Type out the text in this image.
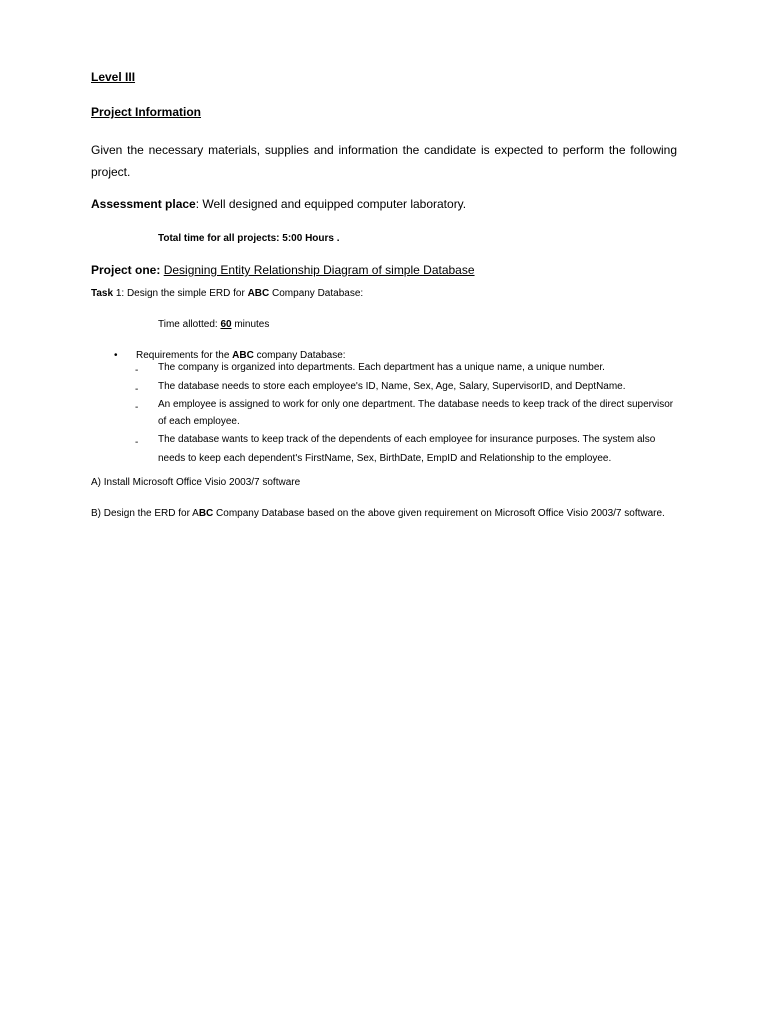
Level III
Project Information
Given the necessary materials, supplies and information the candidate is expected to perform the following project.
Assessment place: Well designed and equipped computer laboratory.
Total time for all projects: 5:00 Hours .
Project one: Designing Entity Relationship Diagram of simple Database
Task 1: Design the simple ERD for ABC Company Database:
Time allotted: 60 minutes
• Requirements for the ABC company Database:
- The company is organized into departments. Each department has a unique name, a unique number.
- The database needs to store each employee's ID, Name, Sex, Age, Salary, SupervisorID, and DeptName.
- An employee is assigned to work for only one department. The database needs to keep track of the direct supervisor
of each employee.
- The database wants to keep track of the dependents of each employee for insurance purposes. The system also
needs to keep each dependent's FirstName, Sex, BirthDate, EmpID and Relationship to the employee.
A) Install Microsoft Office Visio 2003/7 software
B) Design the ERD for ABC Company Database based on the above given requirement on Microsoft Office Visio 2003/7 software.
